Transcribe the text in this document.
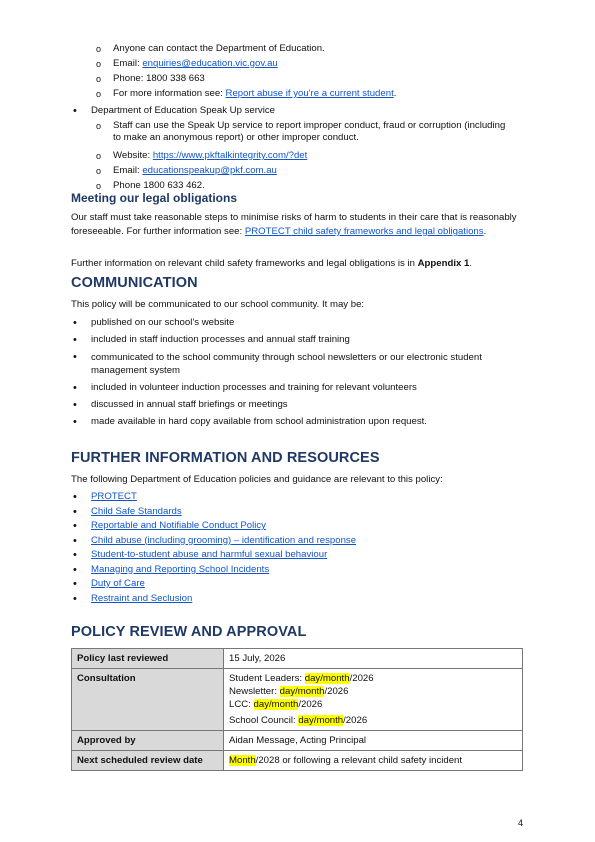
o Anyone can contact the Department of Education.
o Email: enquiries@education.vic.gov.au
o Phone: 1800 338 663
o For more information see: Report abuse if you're a current student.
• Department of Education Speak Up service
o Staff can use the Speak Up service to report improper conduct, fraud or corruption (including to make an anonymous report) or other improper conduct.
o Website: https://www.pkftalkintegrity.com/?det
o Email: educationspeakup@pkf.com.au
o Phone 1800 633 462.

Meeting our legal obligations

Our staff must take reasonable steps to minimise risks of harm to students in their care that is reasonably foreseeable. For further information see: PROTECT child safety frameworks and legal obligations.
Further information on relevant child safety frameworks and legal obligations is in Appendix 1.

COMMUNICATION

This policy will be communicated to our school community. It may be:
• published on our school’s website
• included in staff induction processes and annual staff training
• communicated to the school community through school newsletters or our electronic student management system
• included in volunteer induction processes and training for relevant volunteers
• discussed in annual staff briefings or meetings
• made available in hard copy available from school administration upon request.

FURTHER INFORMATION AND RESOURCES

The following Department of Education policies and guidance are relevant to this policy:
• PROTECT
• Child Safe Standards
• Reportable and Notifiable Conduct Policy
• Child abuse (including grooming) – identification and response
• Student-to-student abuse and harmful sexual behaviour
• Managing and Reporting School Incidents
• Duty of Care
• Restraint and Seclusion

POLICY REVIEW AND APPROVAL

Policy last reviewed	15 July, 2026
Consultation	Student Leaders: day/month/2026
Newsletter: day/month/2026
LCC: day/month/2026
School Council: day/month/2026

Approved by	Aidan Message, Acting Principal
Next scheduled review date	Month/2028 or following a relevant child safety incident
4
